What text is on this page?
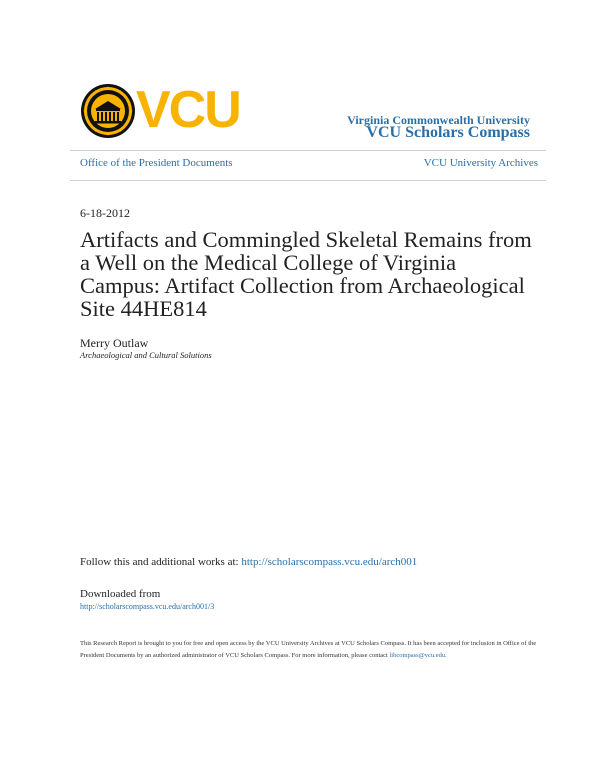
VCU	Virginia Commonwealth University
VCU Scholars Compass
Office of the President Documents	VCU University Archives
6-18-2012
Artifacts and Commingled Skeletal Remains from a Well on the Medical College of Virginia Campus: Artifact Collection from Archaeological Site 44HE814
Merry Outlaw
Archaeological and Cultural Solutions
Follow this and additional works at: http://scholarscompass.vcu.edu/arch001
Downloaded from
http://scholarscompass.vcu.edu/arch001/3
This Research Report is brought to you for free and open access by the VCU University Archives at VCU Scholars Compass. It has been accepted for inclusion in Office of the President Documents by an authorized administrator of VCU Scholars Compass. For more information, please contact libcompass@vcu.edu.
